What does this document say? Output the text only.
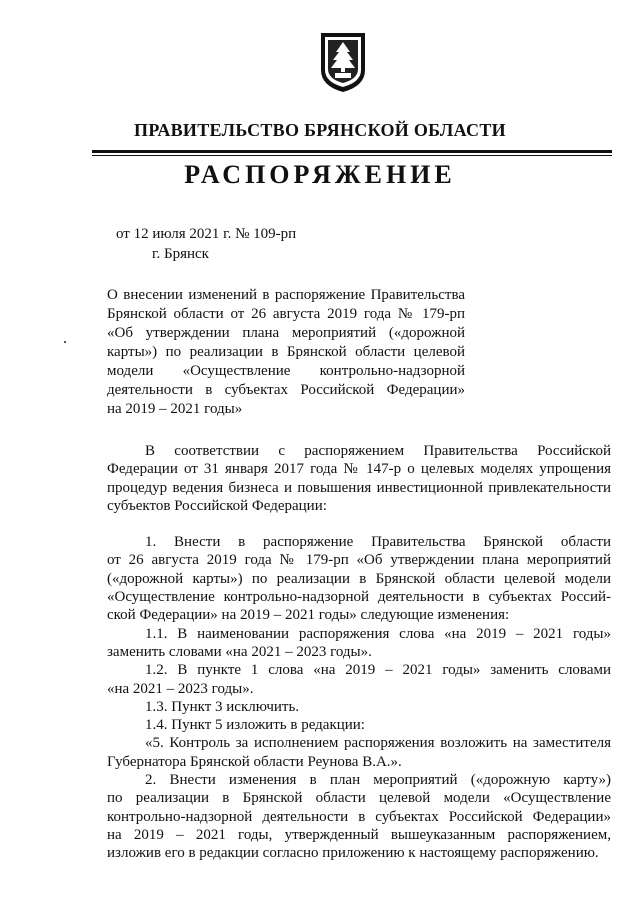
ПРАВИТЕЛЬСТВО БРЯНСКОЙ ОБЛАСТИ
РАСПОРЯЖЕНИЕ
от 12 июля 2021 г. № 109-рп
г. Брянск
О внесении изменений в распоряжение Правительства
Брянской области от 26 августа 2019 года № 179-рп
«Об утверждении плана мероприятий («дорожной
карты») по реализации в Брянской области целевой
модели «Осуществление контрольно-надзорной
деятельности в субъектах Российской Федерации»
на 2019 – 2021 годы»
В соответствии с распоряжением Правительства Российской
Федерации от 31 января 2017 года № 147-р о целевых моделях упрощения
процедур ведения бизнеса и повышения инвестиционной привлекательности
субъектов Российской Федерации:
1. Внести в распоряжение Правительства Брянской области
от 26 августа 2019 года № 179-рп «Об утверждении плана мероприятий
(«дорожной карты») по реализации в Брянской области целевой модели
«Осуществление контрольно-надзорной деятельности в субъектах Россий-
ской Федерации» на 2019 – 2021 годы» следующие изменения:
1.1. В наименовании распоряжения слова «на 2019 – 2021 годы»
заменить словами «на 2021 – 2023 годы».
1.2. В пункте 1 слова «на 2019 – 2021 годы» заменить словами
«на 2021 – 2023 годы».
1.3. Пункт 3 исключить.
1.4. Пункт 5 изложить в редакции:
«5. Контроль за исполнением распоряжения возложить на заместителя
Губернатора Брянской области Реунова В.А.».
2. Внести изменения в план мероприятий («дорожную карту»)
по реализации в Брянской области целевой модели «Осуществление
контрольно-надзорной деятельности в субъектах Российской Федерации»
на 2019 – 2021 годы, утвержденный вышеуказанным распоряжением,
изложив его в редакции согласно приложению к настоящему распоряжению.
